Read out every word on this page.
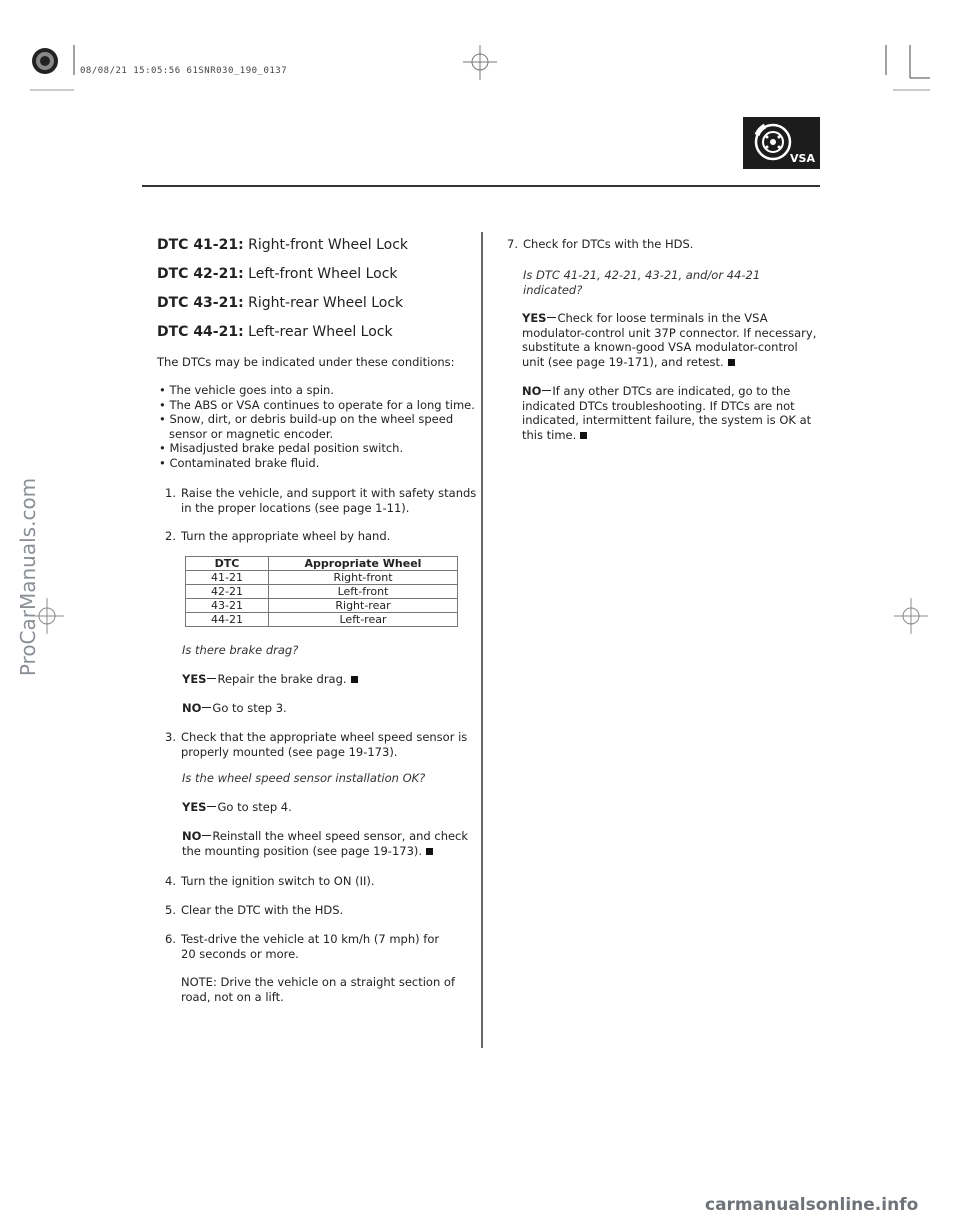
08/08/21 15:05:56 61SNR030_190_0137
VSA
DTC 41-21: Right-front Wheel Lock
DTC 42-21: Left-front Wheel Lock
DTC 43-21: Right-rear Wheel Lock
DTC 44-21: Left-rear Wheel Lock
The DTCs may be indicated under these conditions:
• The vehicle goes into a spin.
• The ABS or VSA continues to operate for a long time.
• Snow, dirt, or debris build-up on the wheel speed
sensor or magnetic encoder.
• Misadjusted brake pedal position switch.
• Contaminated brake fluid.
1. Raise the vehicle, and support it with safety stands
in the proper locations (see page 1-11).
2. Turn the appropriate wheel by hand.
DTC	Appropriate Wheel
41-21	Right-front
42-21	Left-front
43-21	Right-rear
44-21	Left-rear
Is there brake drag?
YES Repair the brake drag.
NO Go to step 3.
3. Check that the appropriate wheel speed sensor is
properly mounted (see page 19-173).
Is the wheel speed sensor installation OK?
YES Go to step 4.
NO Reinstall the wheel speed sensor, and check
the mounting position (see page 19-173).
4. Turn the ignition switch to ON (II).
5. Clear the DTC with the HDS.
6. Test-drive the vehicle at 10 km/h (7 mph) for
20 seconds or more.
NOTE: Drive the vehicle on a straight section of
road, not on a lift.
7. Check for DTCs with the HDS.
Is DTC 41-21, 42-21, 43-21, and/or 44-21
indicated?
YES Check for loose terminals in the VSA
modulator-control unit 37P connector. If necessary,
substitute a known-good VSA modulator-control
unit (see page 19-171), and retest.
NO If any other DTCs are indicated, go to the
indicated DTCs troubleshooting. If DTCs are not
indicated, intermittent failure, the system is OK at
this time.
ProCarManuals.com
carmanualsonline.info
